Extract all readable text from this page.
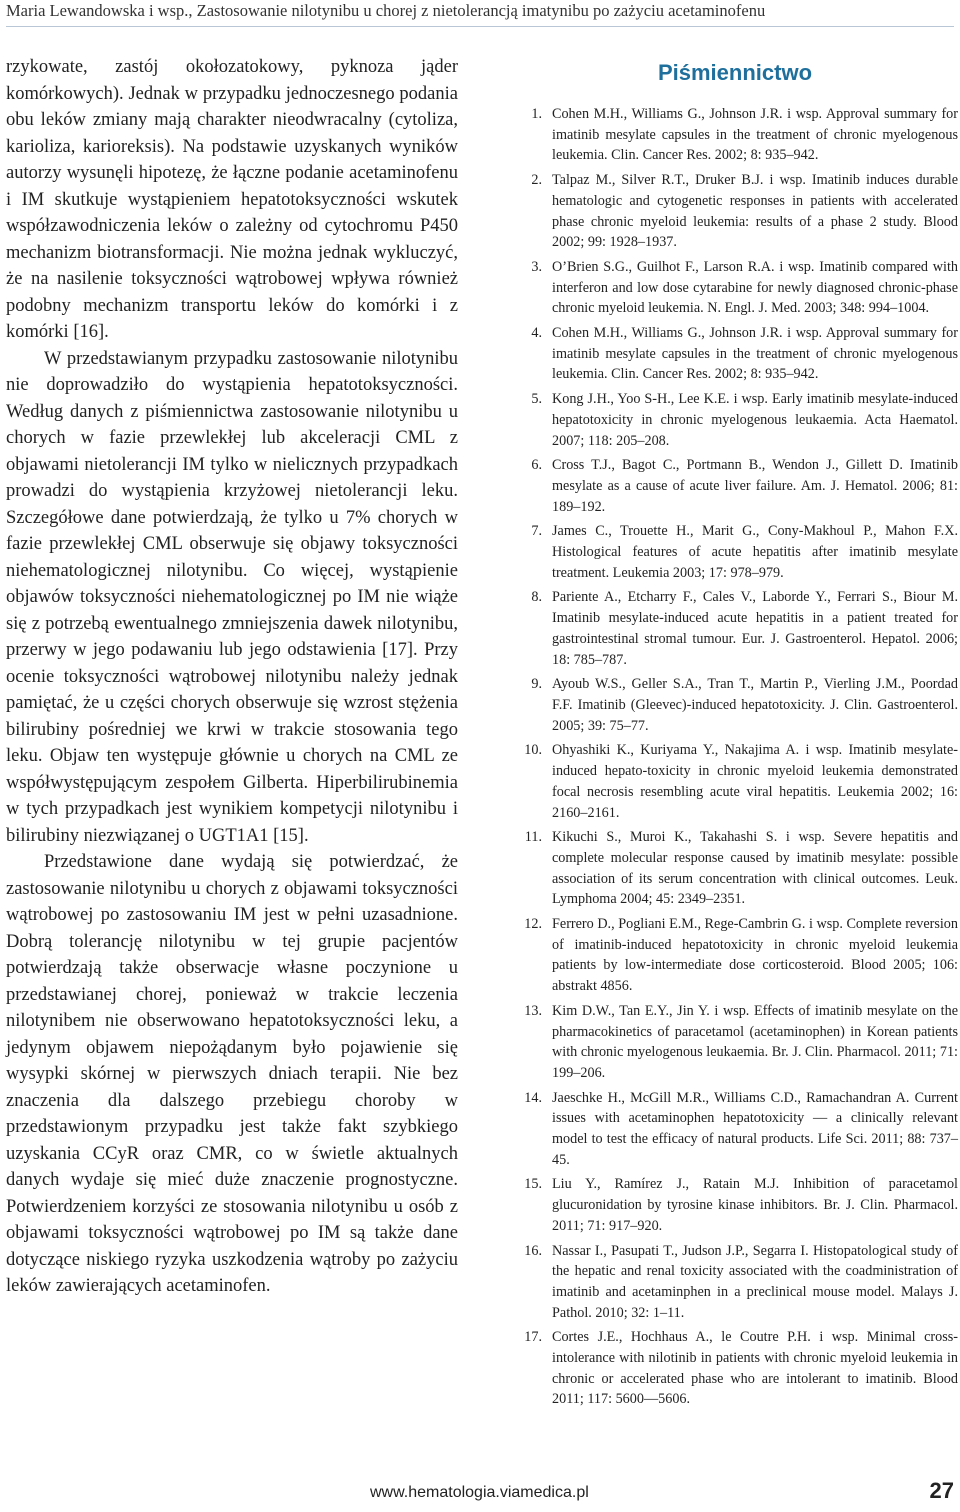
Maria Lewandowska i wsp., Zastosowanie nilotynibu u chorej z nietolerancją imatynibu po zażyciu acetaminofenu

rzykowate, zastój okołozatokowy, pyknoza jąder komórkowych). Jednak w przypadku jednoczesnego podania obu leków zmiany mają charakter nieodwracalny (cytoliza, karioliza, karioreksis). Na podstawie uzyskanych wyników autorzy wysunęli hipotezę, że łączne podanie acetaminofenu i IM skutkuje wystąpieniem hepatotoksyczności wskutek współzawodniczenia leków o zależny od cytochromu P450 mechanizm biotransformacji. Nie można jednak wykluczyć, że na nasilenie toksyczności wątrobowej wpływa również podobny mechanizm transportu leków do komórki i z komórki [16].

W przedstawianym przypadku zastosowanie nilotynibu nie doprowadziło do wystąpienia hepatotoksyczności. Według danych z piśmiennictwa zastosowanie nilotynibu u chorych w fazie przewlekłej lub akceleracji CML z objawami nietolerancji IM tylko w nielicznych przypadkach prowadzi do wystąpienia krzyżowej nietolerancji leku. Szczegółowe dane potwierdzają, że tylko u 7% chorych w fazie przewlekłej CML obserwuje się objawy toksyczności niehematologicznej nilotynibu. Co więcej, wystąpienie objawów toksyczności niehematologicznej po IM nie wiąże się z potrzebą ewentualnego zmniejszenia dawek nilotynibu, przerwy w jego podawaniu lub jego odstawienia [17]. Przy ocenie toksyczności wątrobowej nilotynibu należy jednak pamiętać, że u części chorych obserwuje się wzrost stężenia bilirubiny pośredniej we krwi w trakcie stosowania tego leku. Objaw ten występuje głównie u chorych na CML ze współwystępującym zespołem Gilberta. Hiperbilirubinemia w tych przypadkach jest wynikiem kompetycji nilotynibu i bilirubiny niezwiązanej o UGT1A1 [15].

Przedstawione dane wydają się potwierdzać, że zastosowanie nilotynibu u chorych z objawami toksyczności wątrobowej po zastosowaniu IM jest w pełni uzasadnione. Dobrą tolerancję nilotynibu w tej grupie pacjentów potwierdzają także obserwacje własne poczynione u przedstawianej chorej, ponieważ w trakcie leczenia nilotynibem nie obserwowano hepatotoksyczności leku, a jedynym objawem niepożądanym było pojawienie się wysypki skórnej w pierwszych dniach terapii. Nie bez znaczenia dla dalszego przebiegu choroby w przedstawionym przypadku jest także fakt szybkiego uzyskania CCyR oraz CMR, co w świetle aktualnych danych wydaje się mieć duże znaczenie prognostyczne. Potwierdzeniem korzyści ze stosowania nilotynibu u osób z objawami toksyczności wątrobowej po IM są także dane dotyczące niskiego ryzyka uszkodzenia wątroby po zażyciu leków zawierających acetaminofen.

Piśmiennictwo
1. Cohen M.H., Williams G., Johnson J.R. i wsp. Approval summary for imatinib mesylate capsules in the treatment of chronic myelogenous leukemia. Clin. Cancer Res. 2002; 8: 935–942.
2. Talpaz M., Silver R.T., Druker B.J. i wsp. Imatinib induces durable hematologic and cytogenetic responses in patients with accelerated phase chronic myeloid leukemia: results of a phase 2 study. Blood 2002; 99: 1928–1937.
3. O’Brien S.G., Guilhot F., Larson R.A. i wsp. Imatinib compared with interferon and low dose cytarabine for newly diagnosed chronic-phase chronic myeloid leukemia. N. Engl. J. Med. 2003; 348: 994–1004.
4. Cohen M.H., Williams G., Johnson J.R. i wsp. Approval summary for imatinib mesylate capsules in the treatment of chronic myelogenous leukemia. Clin. Cancer Res. 2002; 8: 935–942.
5. Kong J.H., Yoo S-H., Lee K.E. i wsp. Early imatinib mesylate-induced hepatotoxicity in chronic myelogenous leukaemia. Acta Haematol. 2007; 118: 205–208.
6. Cross T.J., Bagot C., Portmann B., Wendon J., Gillett D. Imatinib mesylate as a cause of acute liver failure. Am. J. Hematol. 2006; 81: 189–192.
7. James C., Trouette H., Marit G., Cony-Makhoul P., Mahon F.X. Histological features of acute hepatitis after imatinib mesylate treatment. Leukemia 2003; 17: 978–979.
8. Pariente A., Etcharry F., Cales V., Laborde Y., Ferrari S., Biour M. Imatinib mesylate-induced acute hepatitis in a patient treated for gastrointestinal stromal tumour. Eur. J. Gastroenterol. Hepatol. 2006; 18: 785–787.
9. Ayoub W.S., Geller S.A., Tran T., Martin P., Vierling J.M., Poordad F.F. Imatinib (Gleevec)-induced hepatotoxicity. J. Clin. Gastroenterol. 2005; 39: 75–77.
10. Ohyashiki K., Kuriyama Y., Nakajima A. i wsp. Imatinib mesylate-induced hepato-toxicity in chronic myeloid leukemia demonstrated focal necrosis resembling acute viral hepatitis. Leukemia 2002; 16: 2160–2161.
11. Kikuchi S., Muroi K., Takahashi S. i wsp. Severe hepatitis and complete molecular response caused by imatinib mesylate: possible association of its serum concentration with clinical outcomes. Leuk. Lymphoma 2004; 45: 2349–2351.
12. Ferrero D., Pogliani E.M., Rege-Cambrin G. i wsp. Complete reversion of imatinib-induced hepatotoxicity in chronic myeloid leukemia patients by low-intermediate dose corticosteroid. Blood 2005; 106: abstrakt 4856.
13. Kim D.W., Tan E.Y., Jin Y. i wsp. Effects of imatinib mesylate on the pharmacokinetics of paracetamol (acetaminophen) in Korean patients with chronic myelogenous leukaemia. Br. J. Clin. Pharmacol. 2011; 71: 199–206.
14. Jaeschke H., McGill M.R., Williams C.D., Ramachandran A. Current issues with acetaminophen hepatotoxicity — a clinically relevant model to test the efficacy of natural products. Life Sci. 2011; 88: 737–45.
15. Liu Y., Ramírez J., Ratain M.J. Inhibition of paracetamol glucuronidation by tyrosine kinase inhibitors. Br. J. Clin. Pharmacol. 2011; 71: 917–920.
16. Nassar I., Pasupati T., Judson J.P., Segarra I. Histopatological study of the hepatic and renal toxicity associated with the coadministration of imatinib and acetaminphen in a preclinical mouse model. Malays J. Pathol. 2010; 32: 1–11.
17. Cortes J.E., Hochhaus A., le Coutre P.H. i wsp. Minimal cross-intolerance with nilotinib in patients with chronic myeloid leukemia in chronic or accelerated phase who are intolerant to imatinib. Blood 2011; 117: 5600—5606.
www.hematologia.viamedica.pl	27
